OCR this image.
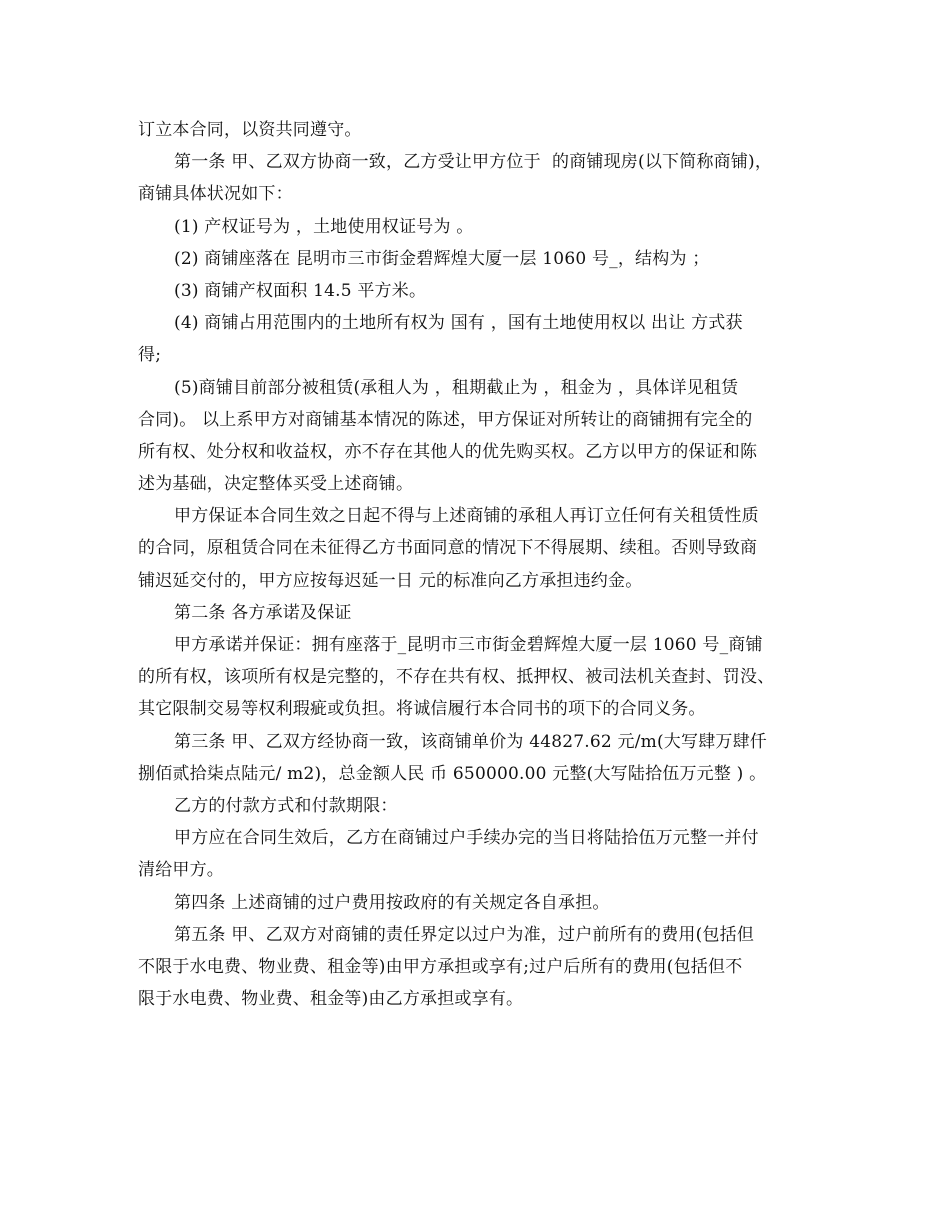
订立本合同，以资共同遵守。
第一条 甲、乙双方协商一致，乙方受让甲方位于  的商铺现房(以下简称商铺)，
商铺具体状况如下：
(1) 产权证号为 ，土地使用权证号为 。
(2) 商铺座落在 昆明市三市街金碧辉煌大厦一层 1060 号_，结构为 ；
(3) 商铺产权面积 14.5 平方米。
(4) 商铺占用范围内的土地所有权为 国有 ，国有土地使用权以 出让 方式获
得;
(5)商铺目前部分被租赁(承租人为 ，租期截止为 ，租金为 ，具体详见租赁
合同)。 以上系甲方对商铺基本情况的陈述，甲方保证对所转让的商铺拥有完全的
所有权、处分权和收益权，亦不存在其他人的优先购买权。乙方以甲方的保证和陈
述为基础，决定整体买受上述商铺。
甲方保证本合同生效之日起不得与上述商铺的承租人再订立任何有关租赁性质
的合同，原租赁合同在未征得乙方书面同意的情况下不得展期、续租。否则导致商
铺迟延交付的，甲方应按每迟延一日 元的标准向乙方承担违约金。
第二条 各方承诺及保证
甲方承诺并保证：拥有座落于_昆明市三市街金碧辉煌大厦一层 1060 号_商铺
的所有权，该项所有权是完整的，不存在共有权、抵押权、被司法机关查封、罚没、
其它限制交易等权利瑕疵或负担。将诚信履行本合同书的项下的合同义务。
第三条 甲、乙双方经协商一致，该商铺单价为 44827.62 元/m(大写肆万肆仟
捌佰贰拾柒点陆元/ m2)，总金额人民 币 650000.00 元整(大写陆拾伍万元整 ) 。
乙方的付款方式和付款期限：
甲方应在合同生效后，乙方在商铺过户手续办完的当日将陆拾伍万元整一并付
清给甲方。
第四条 上述商铺的过户费用按政府的有关规定各自承担。
第五条 甲、乙双方对商铺的责任界定以过户为准，过户前所有的费用(包括但
不限于水电费、物业费、租金等)由甲方承担或享有;过户后所有的费用(包括但不
限于水电费、物业费、租金等)由乙方承担或享有。
